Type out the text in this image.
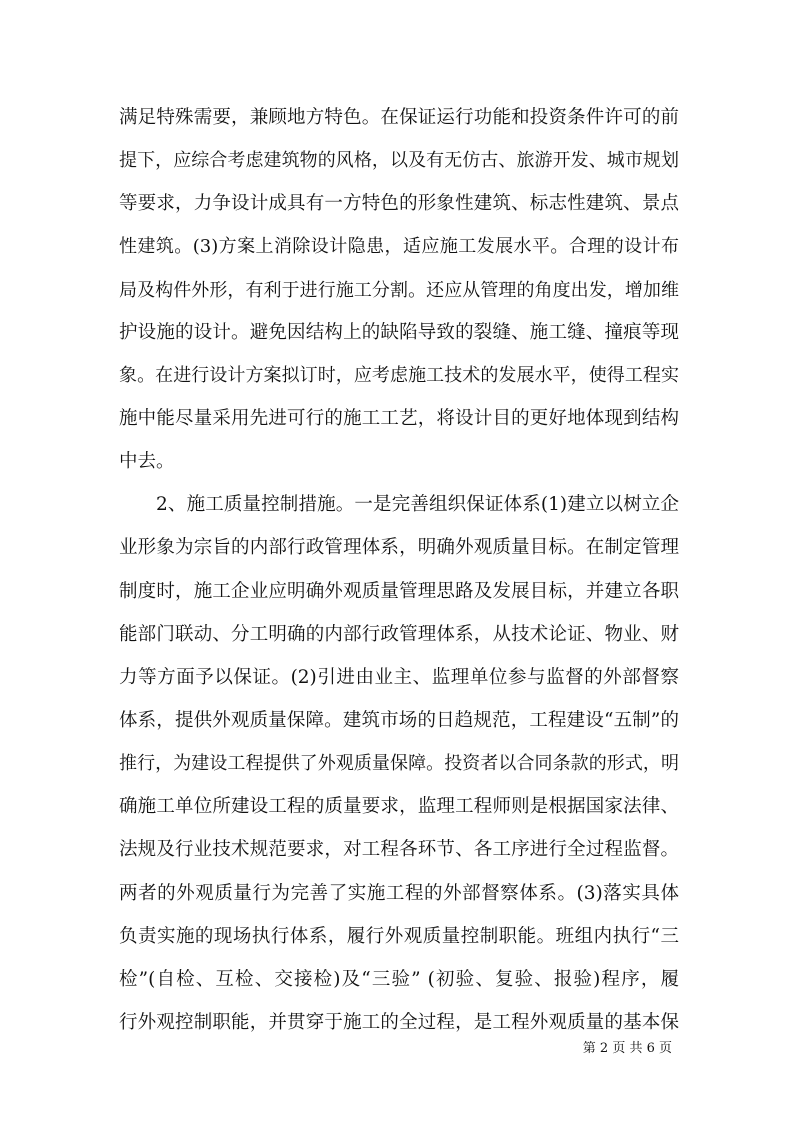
满足特殊需要，兼顾地方特色。在保证运行功能和投资条件许可的前
提下，应综合考虑建筑物的风格，以及有无仿古、旅游开发、城市规划
等要求，力争设计成具有一方特色的形象性建筑、标志性建筑、景点
性建筑。(3)方案上消除设计隐患，适应施工发展水平。合理的设计布
局及构件外形，有利于进行施工分割。还应从管理的角度出发，增加维
护设施的设计。避免因结构上的缺陷导致的裂缝、施工缝、撞痕等现
象。在进行设计方案拟订时，应考虑施工技术的发展水平，使得工程实
施中能尽量采用先进可行的施工工艺，将设计目的更好地体现到结构
中去。
2、施工质量控制措施。一是完善组织保证体系(1)建立以树立企
业形象为宗旨的内部行政管理体系，明确外观质量目标。在制定管理
制度时，施工企业应明确外观质量管理思路及发展目标，并建立各职
能部门联动、分工明确的内部行政管理体系，从技术论证、物业、财
力等方面予以保证。(2)引进由业主、监理单位参与监督的外部督察
体系，提供外观质量保障。建筑市场的日趋规范，工程建设“五制”的
推行，为建设工程提供了外观质量保障。投资者以合同条款的形式，明
确施工单位所建设工程的质量要求，监理工程师则是根据国家法律、
法规及行业技术规范要求，对工程各环节、各工序进行全过程监督。
两者的外观质量行为完善了实施工程的外部督察体系。(3)落实具体
负责实施的现场执行体系，履行外观质量控制职能。班组内执行“三
检”(自检、互检、交接检)及“三验” (初验、复验、报验)程序，履
行外观控制职能，并贯穿于施工的全过程，是工程外观质量的基本保
第 2 页 共 6 页
